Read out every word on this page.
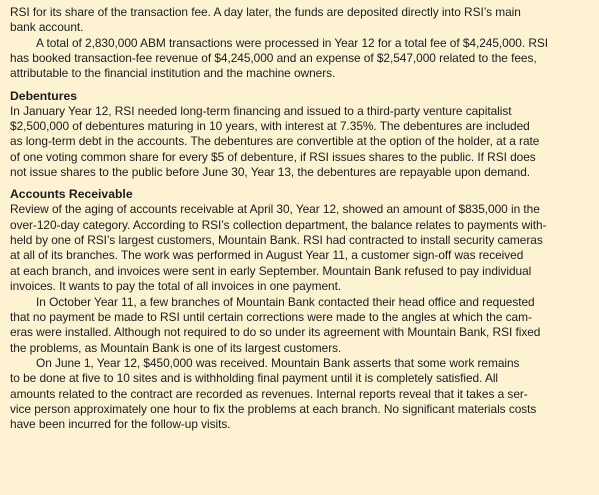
RSI for its share of the transaction fee. A day later, the funds are deposited directly into RSI’s main
bank account.
A total of 2,830,000 ABM transactions were processed in Year 12 for a total fee of $4,245,000. RSI
has booked transaction-fee revenue of $4,245,000 and an expense of $2,547,000 related to the fees,
attributable to the financial institution and the machine owners.
Debentures
In January Year 12, RSI needed long-term financing and issued to a third-party venture capitalist
$2,500,000 of debentures maturing in 10 years, with interest at 7.35%. The debentures are included
as long-term debt in the accounts. The debentures are convertible at the option of the holder, at a rate
of one voting common share for every $5 of debenture, if RSI issues shares to the public. If RSI does
not issue shares to the public before June 30, Year 13, the debentures are repayable upon demand.
Accounts Receivable
Review of the aging of accounts receivable at April 30, Year 12, showed an amount of $835,000 in the
over-120-day category. According to RSI’s collection department, the balance relates to payments with-
held by one of RSI’s largest customers, Mountain Bank. RSI had contracted to install security cameras
at all of its branches. The work was performed in August Year 11, a customer sign-off was received
at each branch, and invoices were sent in early September. Mountain Bank refused to pay individual
invoices. It wants to pay the total of all invoices in one payment.
In October Year 11, a few branches of Mountain Bank contacted their head office and requested
that no payment be made to RSI until certain corrections were made to the angles at which the cam-
eras were installed. Although not required to do so under its agreement with Mountain Bank, RSI fixed
the problems, as Mountain Bank is one of its largest customers.
On June 1, Year 12, $450,000 was received. Mountain Bank asserts that some work remains
to be done at five to 10 sites and is withholding final payment until it is completely satisfied. All
amounts related to the contract are recorded as revenues. Internal reports reveal that it takes a ser-
vice person approximately one hour to fix the problems at each branch. No significant materials costs
have been incurred for the follow-up visits.
